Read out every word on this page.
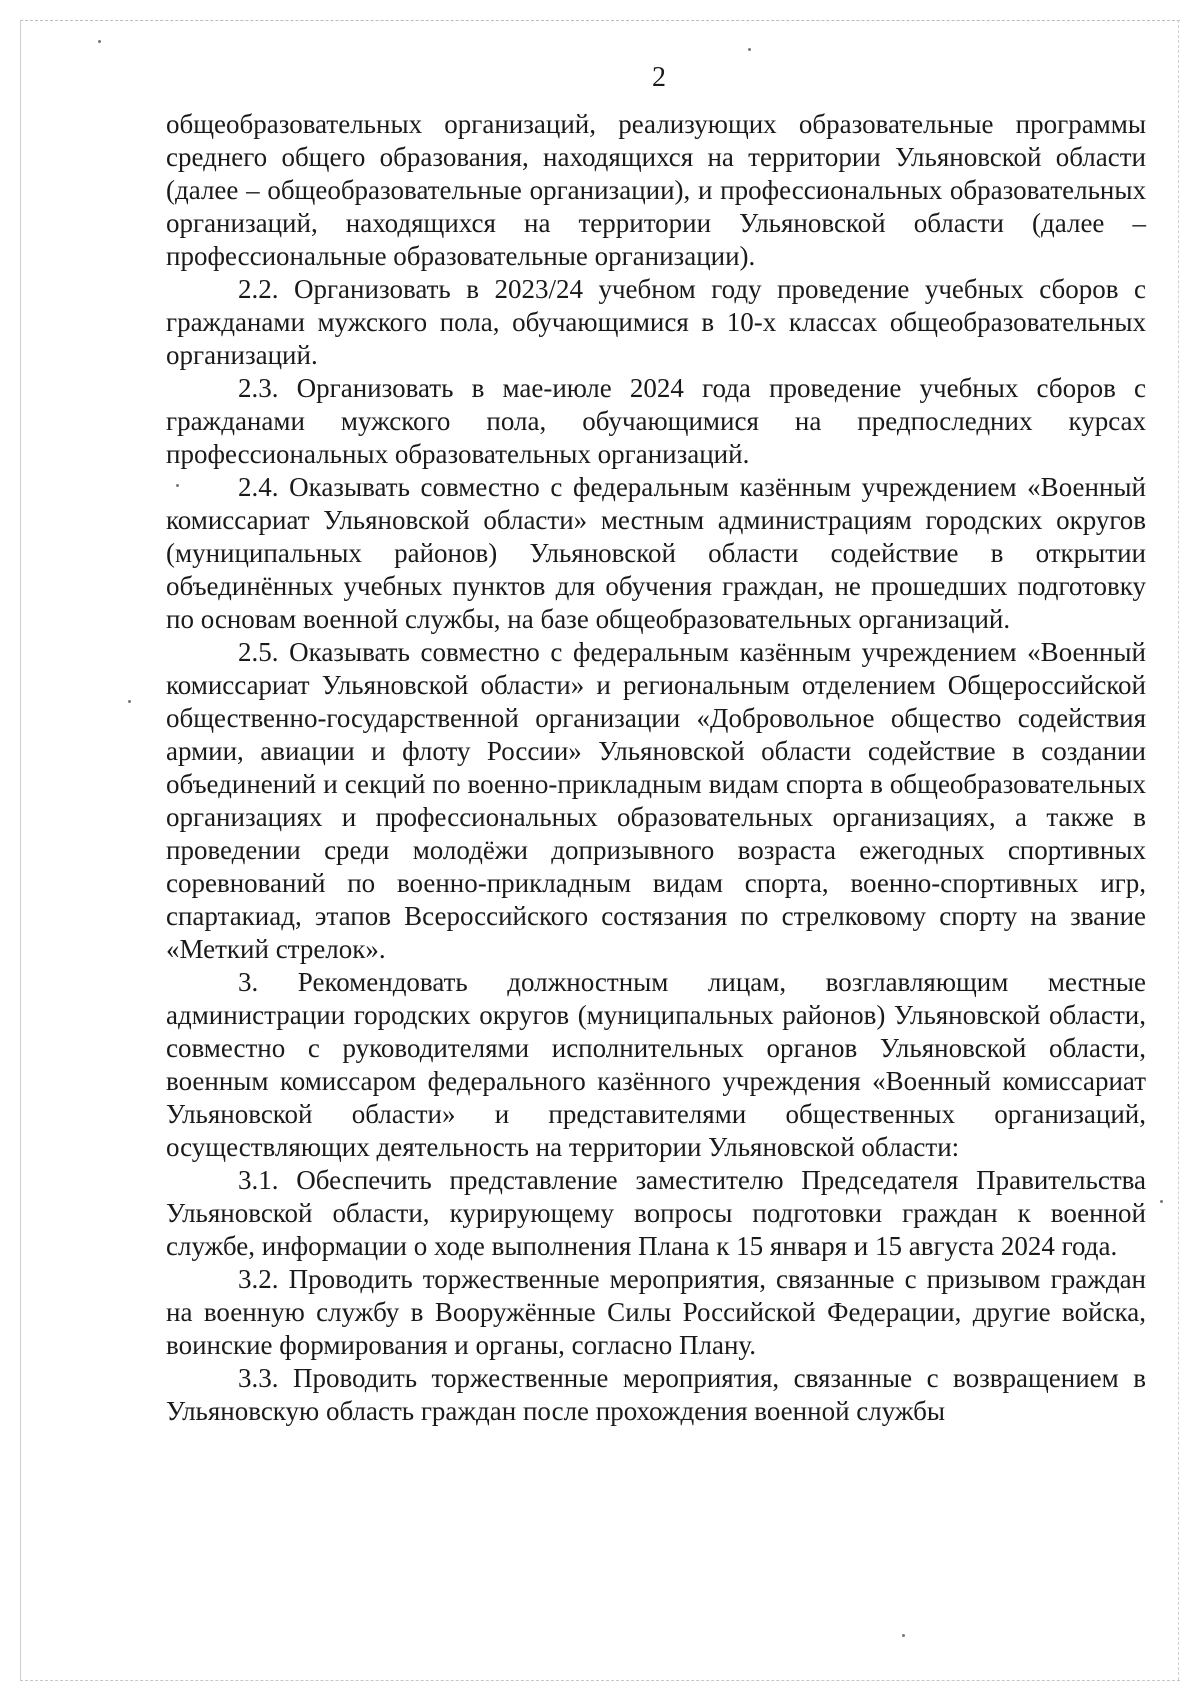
2

общеобразовательных организаций, реализующих образовательные программы среднего общего образования, находящихся на территории Ульяновской области (далее – общеобразовательные организации), и профессиональных образовательных организаций, находящихся на территории Ульяновской области (далее – профессиональные образовательные организации).

2.2. Организовать в 2023/24 учебном году проведение учебных сборов с гражданами мужского пола, обучающимися в 10-х классах общеобразовательных организаций.

2.3. Организовать в мае-июле 2024 года проведение учебных сборов с гражданами мужского пола, обучающимися на предпоследних курсах профессиональных образовательных организаций.

2.4. Оказывать совместно с федеральным казённым учреждением «Военный комиссариат Ульяновской области» местным администрациям городских округов (муниципальных районов) Ульяновской области содействие в открытии объединённых учебных пунктов для обучения граждан, не прошедших подготовку по основам военной службы, на базе общеобразовательных организаций.

2.5. Оказывать совместно с федеральным казённым учреждением «Военный комиссариат Ульяновской области» и региональным отделением Общероссийской общественно-государственной организации «Добровольное общество содействия армии, авиации и флоту России» Ульяновской области содействие в создании объединений и секций по военно-прикладным видам спорта в общеобразовательных организациях и профессиональных образовательных организациях, а также в проведении среди молодёжи допризывного возраста ежегодных спортивных соревнований по военно-прикладным видам спорта, военно-спортивных игр, спартакиад, этапов Всероссийского состязания по стрелковому спорту на звание «Меткий стрелок».

3. Рекомендовать должностным лицам, возглавляющим местные администрации городских округов (муниципальных районов) Ульяновской области, совместно с руководителями исполнительных органов Ульяновской области, военным комиссаром федерального казённого учреждения «Военный комиссариат Ульяновской области» и представителями общественных организаций, осуществляющих деятельность на территории Ульяновской области:

3.1. Обеспечить представление заместителю Председателя Правительства Ульяновской области, курирующему вопросы подготовки граждан к военной службе, информации о ходе выполнения Плана к 15 января и 15 августа 2024 года.

3.2. Проводить торжественные мероприятия, связанные с призывом граждан на военную службу в Вооружённые Силы Российской Федерации, другие войска, воинские формирования и органы, согласно Плану.

3.3. Проводить торжественные мероприятия, связанные с возвращением в Ульяновскую область граждан после прохождения военной службы
